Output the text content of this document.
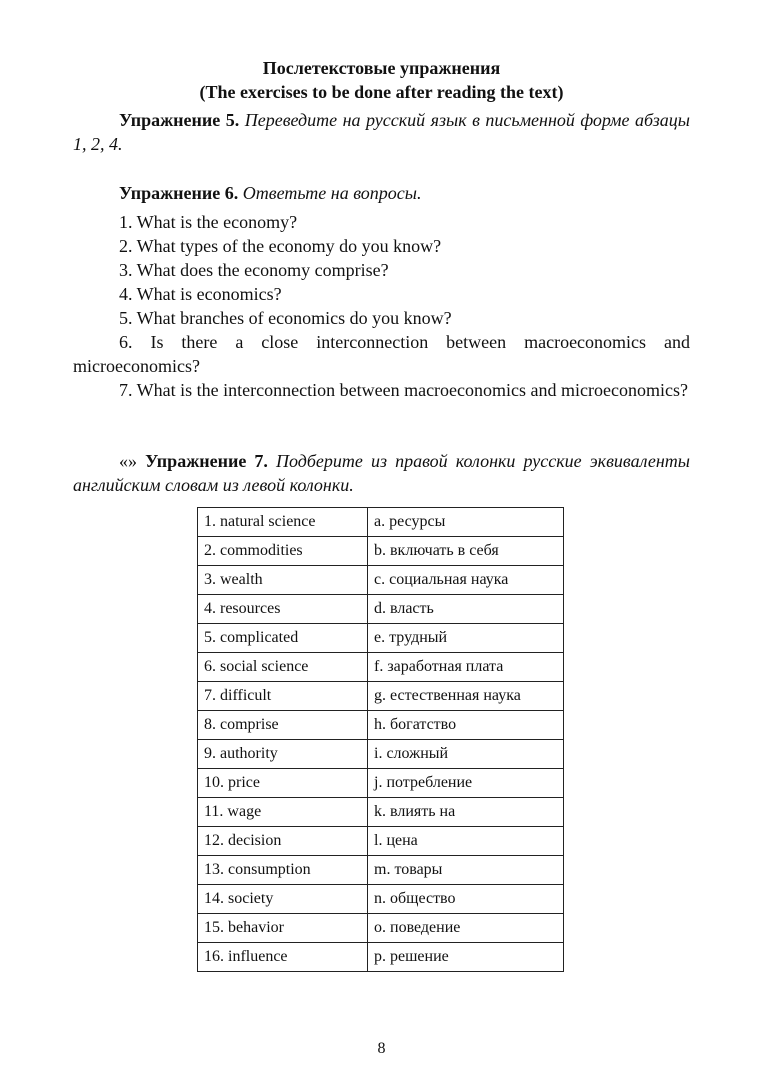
Послетекстовые упражнения
(The exercises to be done after reading the text)
Упражнение 5. Переведите на русский язык в письменной форме абзацы 1, 2, 4.
Упражнение 6. Ответьте на вопросы.
1. What is the economy?
2. What types of the economy do you know?
3. What does the economy comprise?
4. What is economics?
5. What branches of economics do you know?
6. Is there a close interconnection between macroeconomics and microeconomics?
7. What is the interconnection between macroeconomics and microeconomics?
«» Упражнение 7. Подберите из правой колонки русские эквиваленты английским словам из левой колонки.
1. natural science	a. ресурсы
2. commodities	b. включать в себя
3. wealth	c. социальная наука
4. resources	d. власть
5. complicated	e. трудный
6. social science	f. заработная плата
7. difficult	g. естественная наука
8. comprise	h. богатство
9. authority	i. сложный
10. price	j. потребление
11. wage	k. влиять на
12. decision	l. цена
13. consumption	m. товары
14. society	n. общество
15. behavior	o. поведение
16. influence	p. решение
8
